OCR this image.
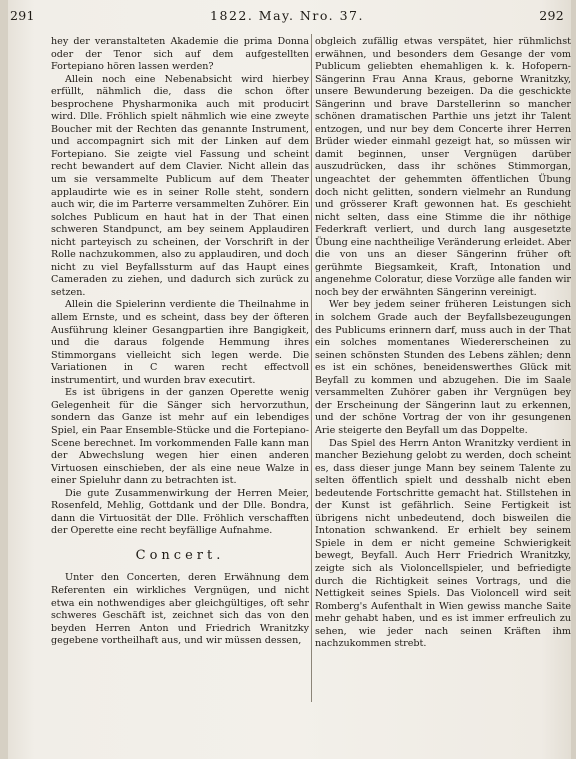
291	1822. May. Nro. 37.	292

hey der veranstalteten Akademie die prima Donna oder der Tenor sich auf dem aufgestellten Fortepiano hören lassen werden?

Allein noch eine Nebenabsicht wird hierbey erfüllt, nähmlich die, dass die schon öfter besprochene Physharmonika auch mit producirt wird. Dlle. Fröhlich spielt nähmlich wie eine zweyte Boucher mit der Rechten das genannte Instrument, und accompagnirt sich mit der Linken auf dem Fortepiano. Sie zeigte viel Fassung und scheint recht bewandert auf dem Clavier. Nicht allein das um sie versammelte Publicum auf dem Theater applaudirte wie es in seiner Rolle steht, sondern auch wir, die im Parterre versammelten Zuhörer. Ein solches Publicum en haut hat in der That einen schweren Standpunct, am bey seinem Applaudiren nicht parteyisch zu scheinen, der Vorschrift in der Rolle nachzukommen, also zu applaudiren, und doch nicht zu viel Beyfallssturm auf das Haupt eines Cameraden zu ziehen, und dadurch sich zurück zu setzen.

Allein die Spielerinn verdiente die Theilnahme in allem Ernste, und es scheint, dass bey der öfteren Ausführung kleiner Gesangpartien ihre Bangigkeit, und die daraus folgende Hemmung ihres Stimmorgans vielleicht sich legen werde. Die Variationen in C waren recht effectvoll instrumentirt, und wurden brav executirt.

Es ist übrigens in der ganzen Operette wenig Gelegenheit für die Sänger sich hervorzuthun, sondern das Ganze ist mehr auf ein lebendiges Spiel, ein Paar Ensemble-Stücke und die Fortepiano-Scene berechnet. Im vorkommenden Falle kann man der Abwechslung wegen hier einen anderen Virtuosen einschieben, der als eine neue Walze in einer Spieluhr dann zu betrachten ist.

Die gute Zusammenwirkung der Herren Meier, Rosenfeld, Mehlig, Gottdank und der Dlle. Bondra, dann die Virtuosität der Dlle. Fröhlich verschafften der Operette eine recht beyfällige Aufnahme.

Concert.

Unter den Concerten, deren Erwähnung dem Referenten ein wirkliches Vergnügen, und nicht etwa ein nothwendiges aber gleichgültiges, oft sehr schweres Geschäft ist, zeichnet sich das von den beyden Herren Anton und Friedrich Wranitzky gegebene vortheilhaft aus, und wir müssen dessen,

obgleich zufällig etwas verspätet, hier rühmlichst erwähnen, und besonders dem Gesange der vom Publicum geliebten ehemahligen k. k. Hofopern-Sängerinn Frau Anna Kraus, geborne Wranitzky, unsere Bewunderung bezeigen. Da die geschickte Sängerinn und brave Darstellerinn so mancher schönen dramatischen Parthie uns jetzt ihr Talent entzogen, und nur bey dem Concerte ihrer Herren Brüder wieder einmahl gezeigt hat, so müssen wir damit beginnen, unser Vergnügen darüber auszudrücken, dass ihr schönes Stimmorgan, ungeachtet der gehemmten öffentlichen Übung doch nicht gelitten, sondern vielmehr an Rundung und grösserer Kraft gewonnen hat. Es geschieht nicht selten, dass eine Stimme die ihr nöthige Federkraft verliert, und durch lang ausgesetzte Übung eine nachtheilige Veränderung erleidet. Aber die von uns an dieser Sängerinn früher oft gerühmte Biegsamkeit, Kraft, Intonation und angenehme Coloratur, diese Vorzüge alle fanden wir noch bey der erwähnten Sängerinn vereinigt.

Wer bey jedem seiner früheren Leistungen sich in solchem Grade auch der Beyfallsbezeugungen des Publicums erinnern darf, muss auch in der That ein solches momentanes Wiedererscheinen zu seinen schönsten Stunden des Lebens zählen; denn es ist ein schönes, beneidenswerthes Glück mit Beyfall zu kommen und abzugehen. Die im Saale versammelten Zuhörer gaben ihr Vergnügen bey der Erscheinung der Sängerinn laut zu erkennen, und der schöne Vortrag der von ihr gesungenen Arie steigerte den Beyfall um das Doppelte.

Das Spiel des Herrn Anton Wranitzky verdient in mancher Beziehung gelobt zu werden, doch scheint es, dass dieser junge Mann bey seinem Talente zu selten öffentlich spielt und desshalb nicht eben bedeutende Fortschritte gemacht hat. Stillstehen in der Kunst ist gefährlich. Seine Fertigkeit ist übrigens nicht unbedeutend, doch bisweilen die Intonation schwankend. Er erhielt bey seinem Spiele in dem er nicht gemeine Schwierigkeit bewegt, Beyfall. Auch Herr Friedrich Wranitzky, zeigte sich als Violoncellspieler, und befriedigte durch die Richtigkeit seines Vortrags, und die Nettigkeit seines Spiels. Das Violoncell wird seit Romberg's Aufenthalt in Wien gewiss manche Saite mehr gehabt haben, und es ist immer erfreulich zu sehen, wie jeder nach seinen Kräften ihm nachzukommen strebt.
